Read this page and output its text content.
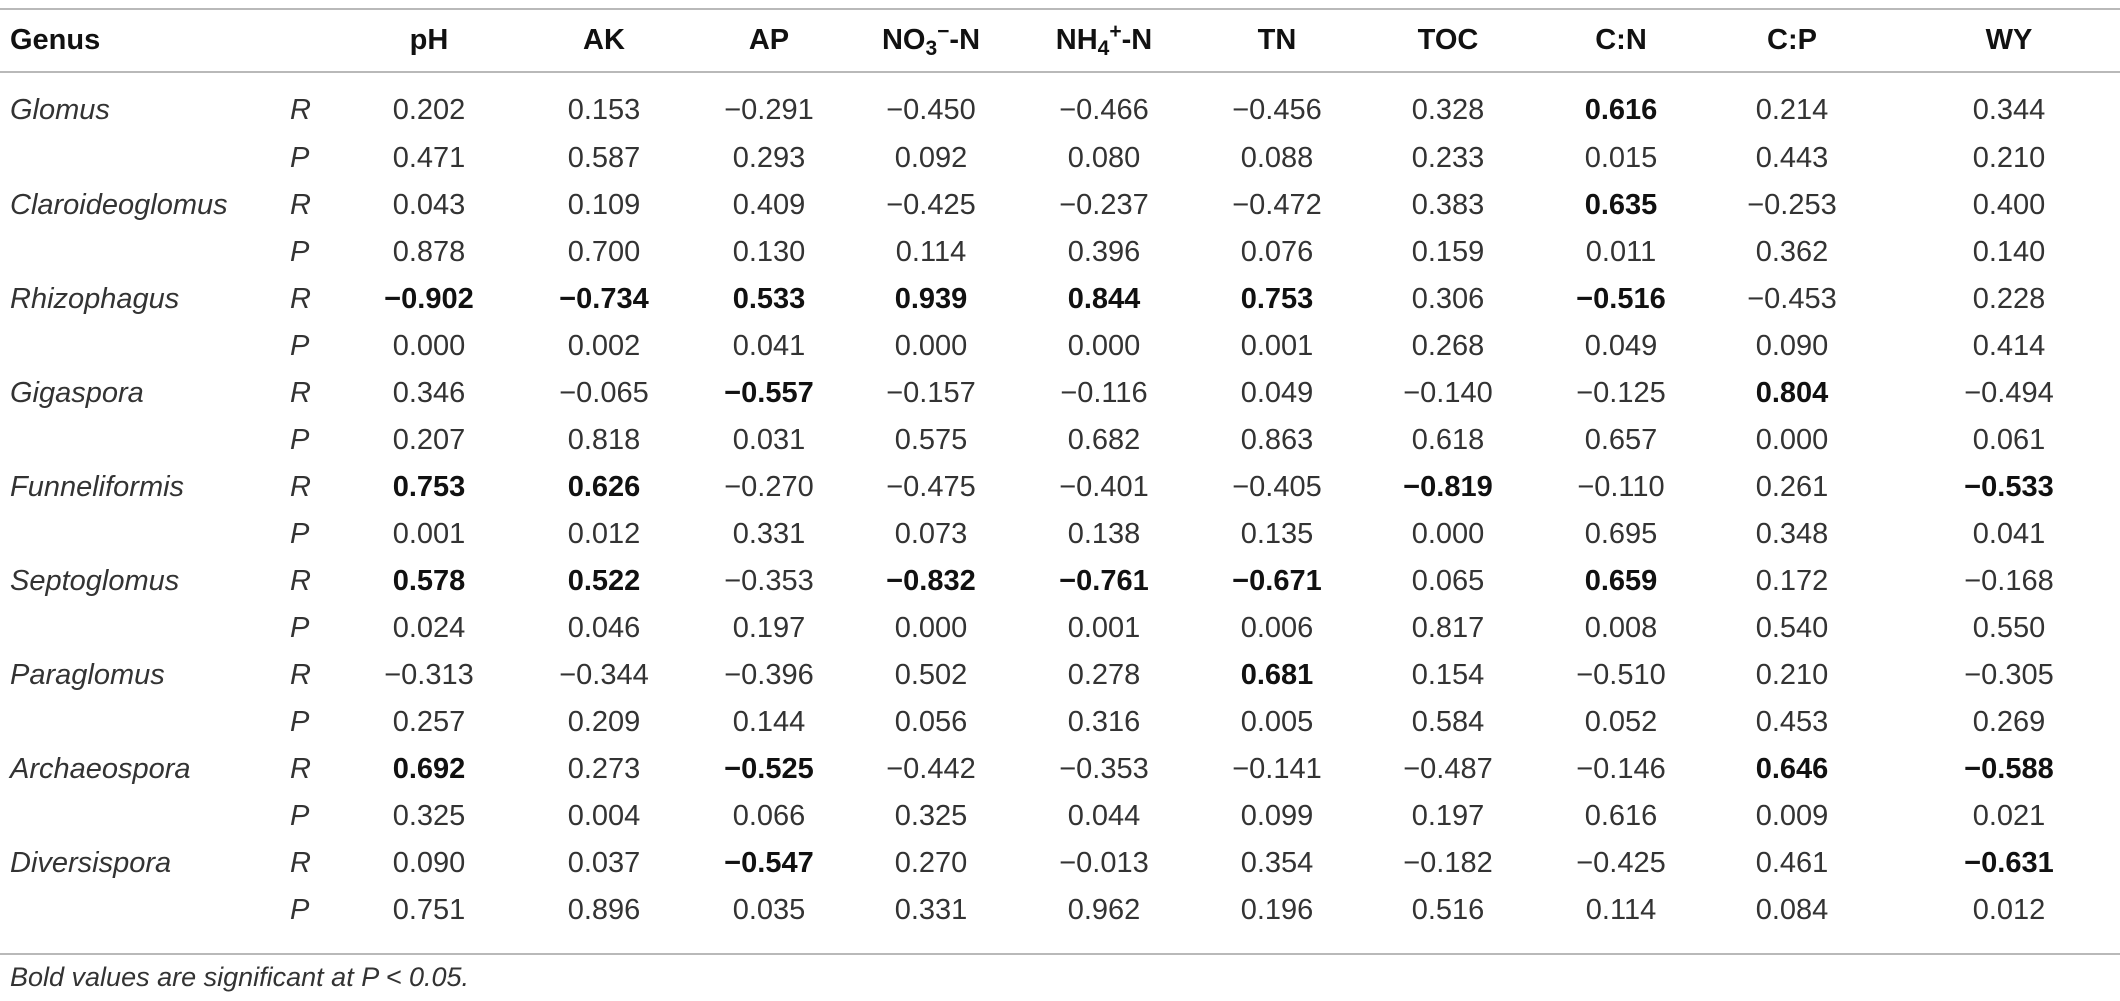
Genus		pH	AK	AP	$NO_3^--N$	$NH_4^+-N$	TN	TOC	C:N	C:P	WY
Glomus	R	0.202	0.153	−0.291	−0.450	−0.466	−0.456	0.328	0.616	0.214	0.344
	P	0.471	0.587	0.293	0.092	0.080	0.088	0.233	0.015	0.443	0.210
Claroideoglomus	R	0.043	0.109	0.409	−0.425	−0.237	−0.472	0.383	0.635	−0.253	0.400
	P	0.878	0.700	0.130	0.114	0.396	0.076	0.159	0.011	0.362	0.140
Rhizophagus	R	−0.902	−0.734	0.533	0.939	0.844	0.753	0.306	−0.516	−0.453	0.228
	P	0.000	0.002	0.041	0.000	0.000	0.001	0.268	0.049	0.090	0.414
Gigaspora	R	0.346	−0.065	−0.557	−0.157	−0.116	0.049	−0.140	−0.125	0.804	−0.494
	P	0.207	0.818	0.031	0.575	0.682	0.863	0.618	0.657	0.000	0.061
Funneliformis	R	0.753	0.626	−0.270	−0.475	−0.401	−0.405	−0.819	−0.110	0.261	−0.533
	P	0.001	0.012	0.331	0.073	0.138	0.135	0.000	0.695	0.348	0.041
Septoglomus	R	0.578	0.522	−0.353	−0.832	−0.761	−0.671	0.065	0.659	0.172	−0.168
	P	0.024	0.046	0.197	0.000	0.001	0.006	0.817	0.008	0.540	0.550
Paraglomus	R	−0.313	−0.344	−0.396	0.502	0.278	0.681	0.154	−0.510	0.210	−0.305
	P	0.257	0.209	0.144	0.056	0.316	0.005	0.584	0.052	0.453	0.269
Archaeospora	R	0.692	0.273	−0.525	−0.442	−0.353	−0.141	−0.487	−0.146	0.646	−0.588
	P	0.325	0.004	0.066	0.325	0.044	0.099	0.197	0.616	0.009	0.021
Diversispora	R	0.090	0.037	−0.547	0.270	−0.013	0.354	−0.182	−0.425	0.461	−0.631
	P	0.751	0.896	0.035	0.331	0.962	0.196	0.516	0.114	0.084	0.012
Bold values are significant at P < 0.05.
